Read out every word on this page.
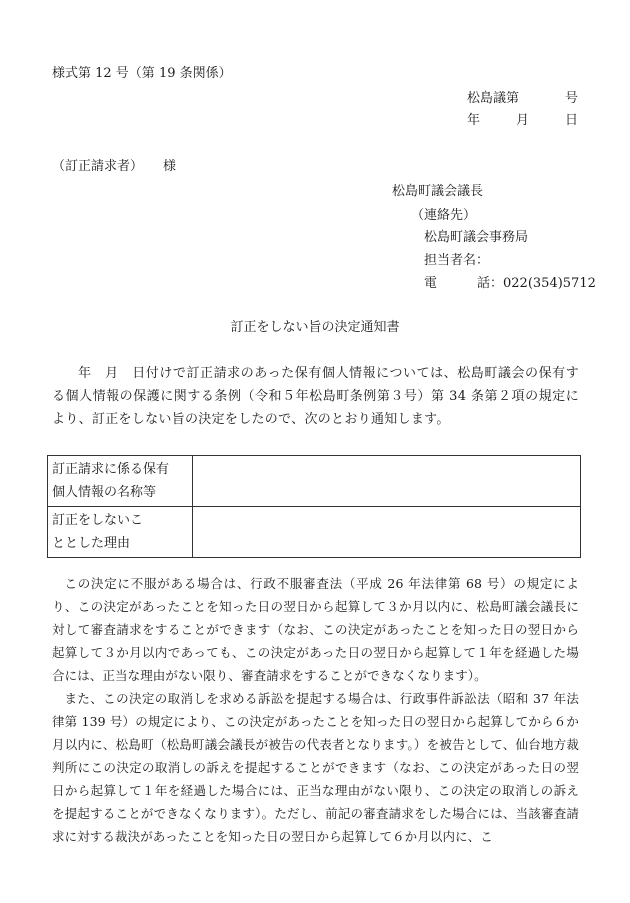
様式第 12 号（第 19 条関係）
松島議第	号
年	月	日
（訂正請求者） 様
松島町議会議長
（連絡先）
松島町議会事務局
担当者名：
電	話：022(354)5712
訂正をしない旨の決定通知書
年　月　日付けで訂正請求のあった保有個人情報については、松島町議会の保有する個人情報の保護に関する条例（令和５年松島町条例第３号）第 34 条第２項の規定により、訂正をしない旨の決定をしたので、次のとおり通知します。
訂正請求に係る保有
個人情報の名称等	

訂正をしないこ
ととした理由	

この決定に不服がある場合は、行政不服審査法（平成 26 年法律第 68 号）の規定により、この決定があったことを知った日の翌日から起算して３か月以内に、松島町議会議長に対して審査請求をすることができます（なお、この決定があったことを知った日の翌日から起算して３か月以内であっても、この決定があった日の翌日から起算して１年を経過した場合には、正当な理由がない限り、審査請求をすることができなくなります）。

また、この決定の取消しを求める訴訟を提起する場合は、行政事件訴訟法（昭和 37 年法律第 139 号）の規定により、この決定があったことを知った日の翌日から起算してから６か月以内に、松島町（松島町議会議長が被告の代表者となります。）を被告として、仙台地方裁判所にこの決定の取消しの訴えを提起することができます（なお、この決定があった日の翌日から起算して１年を経過した場合には、正当な理由がない限り、この決定の取消しの訴えを提起することができなくなります）。ただし、前記の審査請求をした場合には、当該審査請求に対する裁決があったことを知った日の翌日から起算して６か月以内に、こ
